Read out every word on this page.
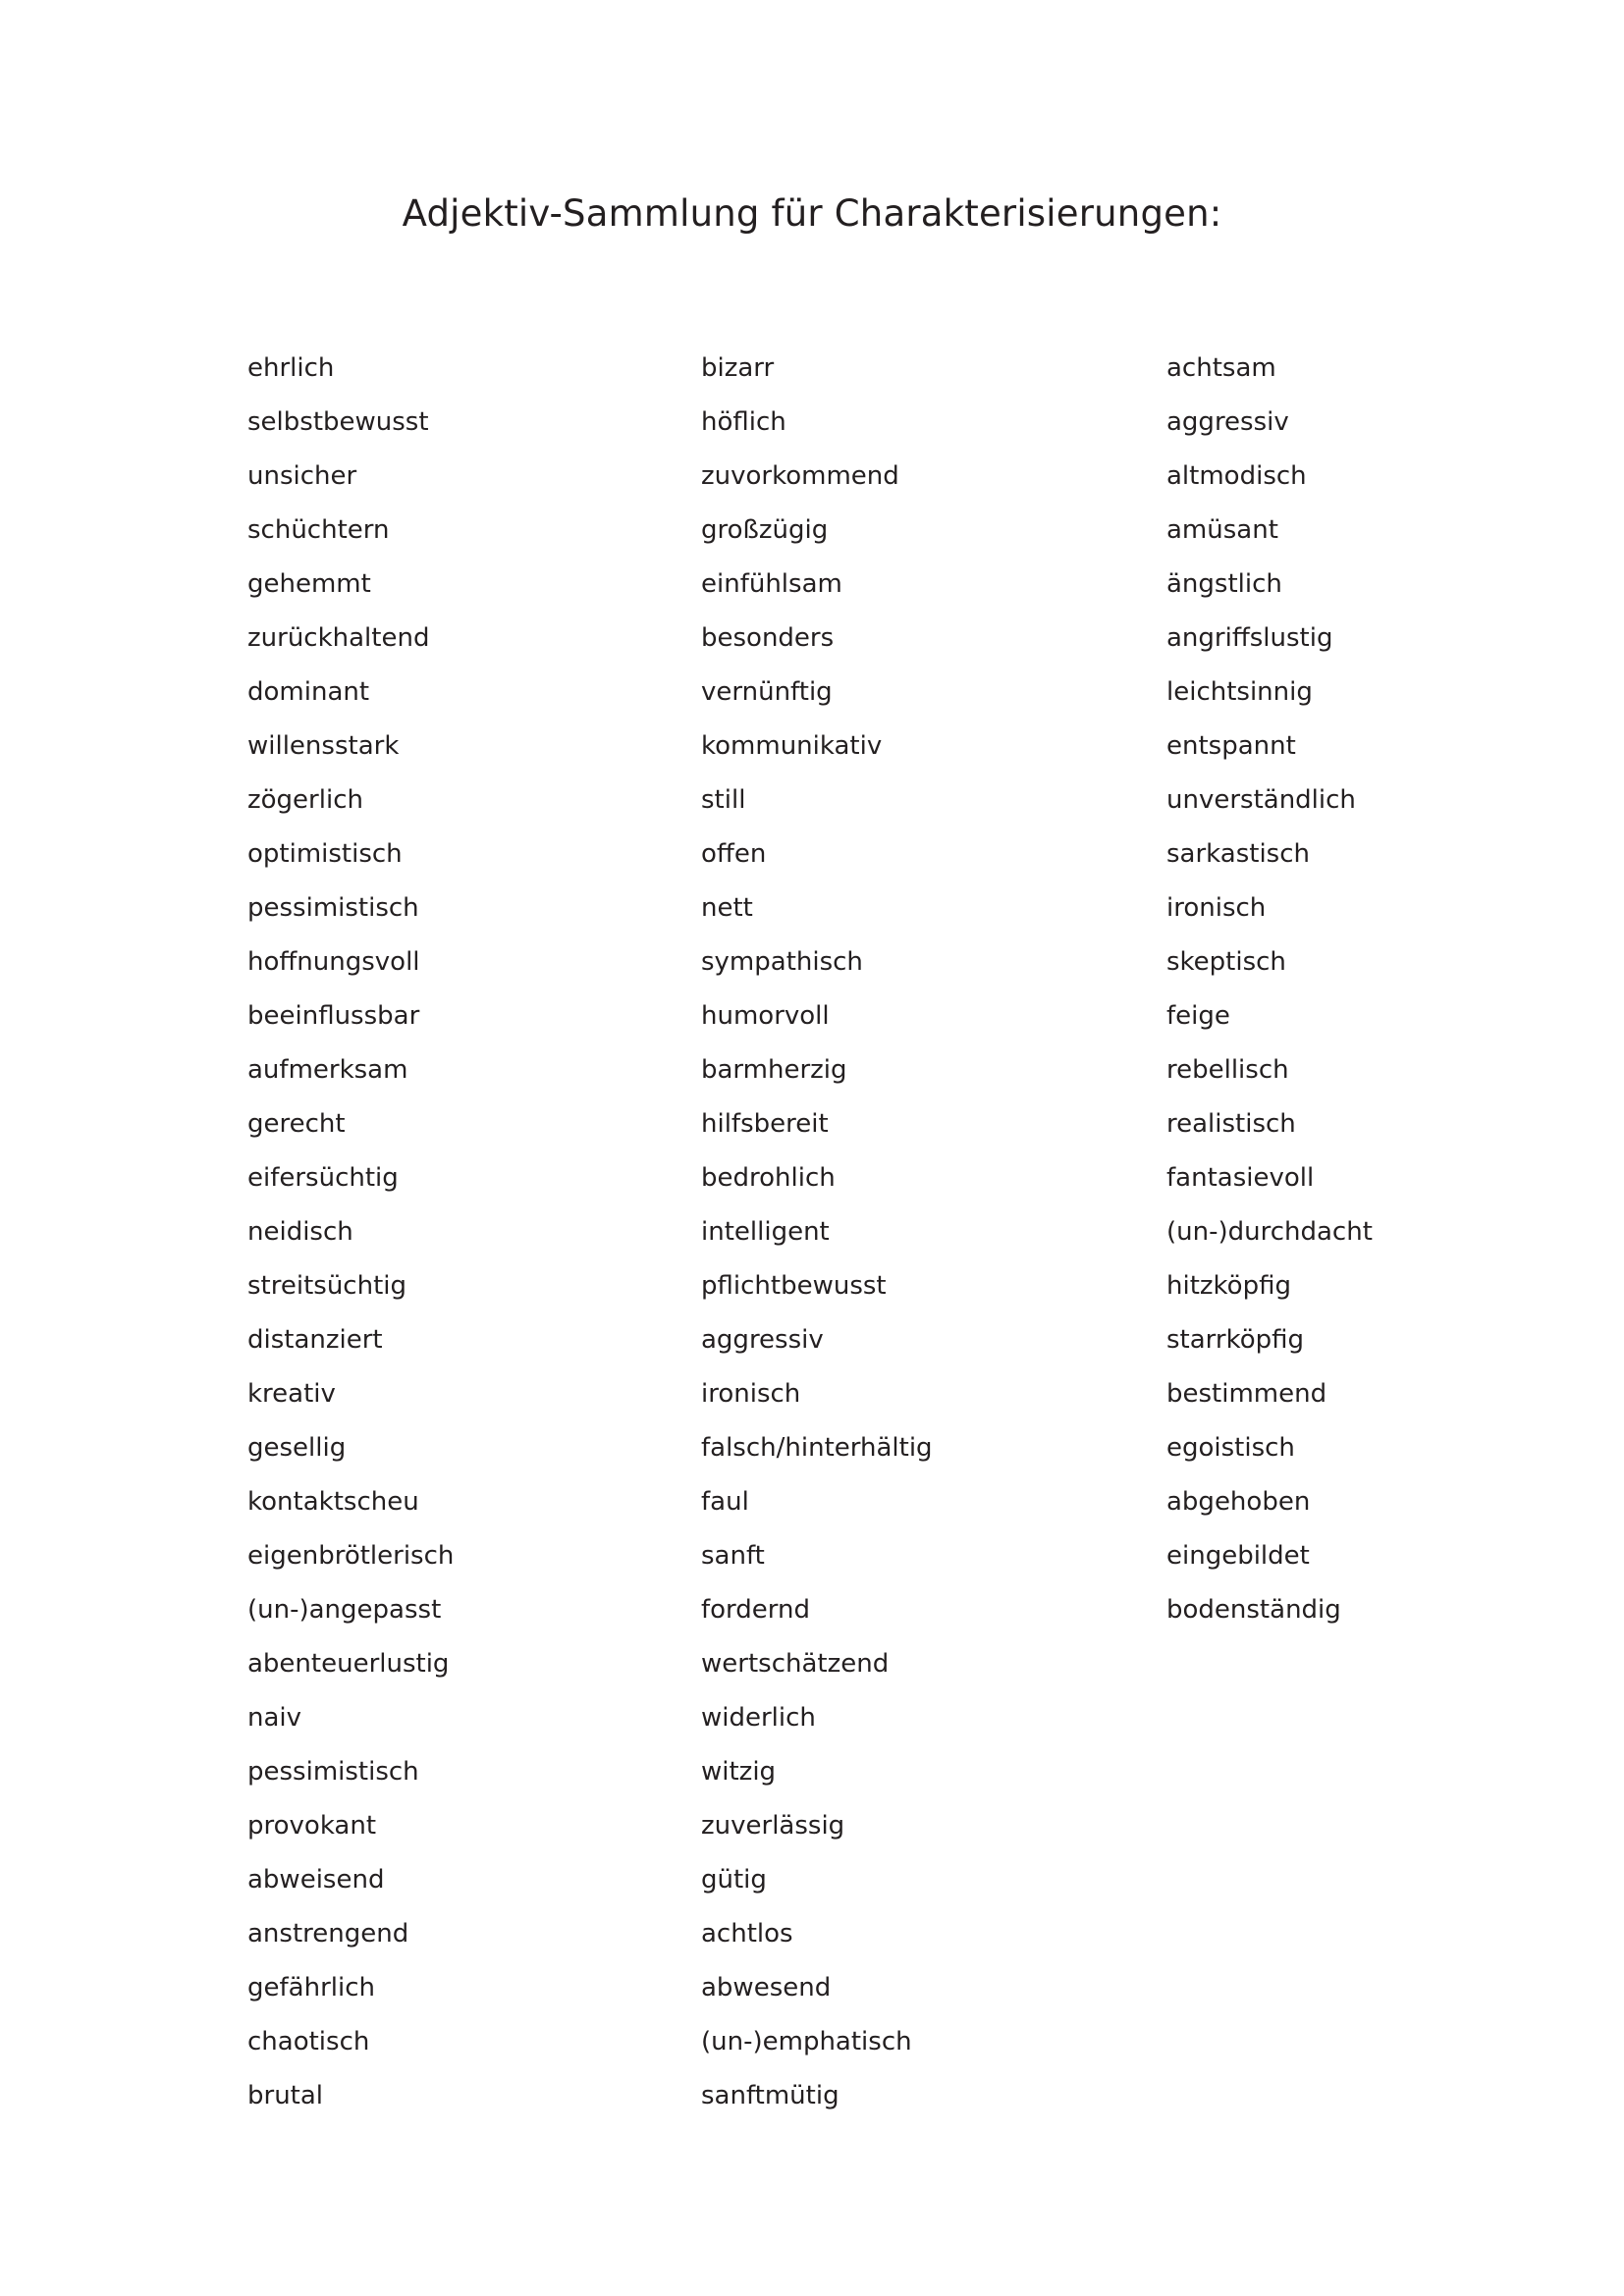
Adjektiv-Sammlung für Charakterisierungen:
ehrlich
selbstbewusst
unsicher
schüchtern
gehemmt
zurückhaltend
dominant
willensstark
zögerlich
optimistisch
pessimistisch
hoffnungsvoll
beeinflussbar
aufmerksam
gerecht
eifersüchtig
neidisch
streitsüchtig
distanziert
kreativ
gesellig
kontaktscheu
eigenbrötlerisch
(un-)angepasst
abenteuerlustig
naiv
pessimistisch
provokant
abweisend
anstrengend
gefährlich
chaotisch
brutal
bizarr
höflich
zuvorkommend
großzügig
einfühlsam
besonders
vernünftig
kommunikativ
still
offen
nett
sympathisch
humorvoll
barmherzig
hilfsbereit
bedrohlich
intelligent
pflichtbewusst
aggressiv
ironisch
falsch/hinterhältig
faul
sanft
fordernd
wertschätzend
widerlich
witzig
zuverlässig
gütig
achtlos
abwesend
(un-)emphatisch
sanftmütig
achtsam
aggressiv
altmodisch
amüsant
ängstlich
angriffslustig
leichtsinnig
entspannt
unverständlich
sarkastisch
ironisch
skeptisch
feige
rebellisch
realistisch
fantasievoll
(un-)durchdacht
hitzköpfig
starrköpfig
bestimmend
egoistisch
abgehoben
eingebildet
bodenständig
